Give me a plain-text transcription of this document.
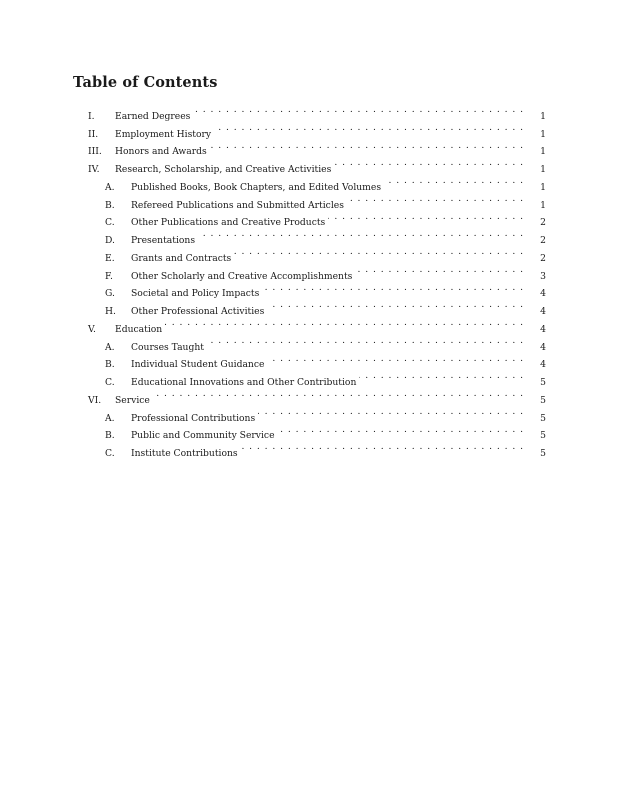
Table of Contents
I.	Earned Degrees . . .	1
II.	Employment History . . .	1
III.	Honors and Awards . . .	1
IV.	Research, Scholarship, and Creative Activities . . .	1
A.	Published Books, Book Chapters, and Edited Volumes . . .	1
B.	Refereed Publications and Submitted Articles . . .	1
C.	Other Publications and Creative Products . . .	2
D.	Presentations . . .	2
E.	Grants and Contracts . . .	2
F.	Other Scholarly and Creative Accomplishments . . .	3
G.	Societal and Policy Impacts . . .	4
H.	Other Professional Activities . . .	4
V.	Education . . .	4
A.	Courses Taught . . .	4
B.	Individual Student Guidance . . .	4
C.	Educational Innovations and Other Contribution . . .	5
VI.	Service . . .	5
A.	Professional Contributions . . .	5
B.	Public and Community Service . . .	5
C.	Institute Contributions . . .	5
